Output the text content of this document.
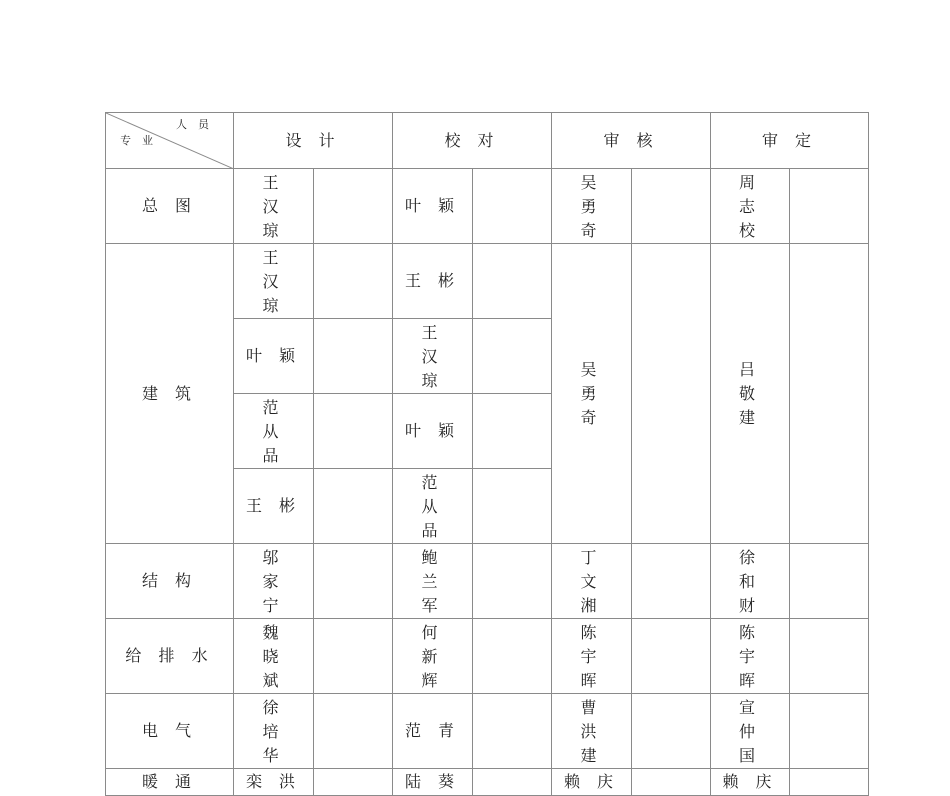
人　员
专　业	设 计		校 对		审 核		审 定	
总 图	王 汉 琼		叶 颖		吴 勇 奇		周 志 校	

建 筑	王 汉 琼		王 彬		吴 勇 奇		吕 敬 建	

	叶 颖		王 汉 琼					

	范 从 品		叶 颖					
	王 彬		范 从 品					

结 构	邬 家 宁		鲍 兰 军		丁 文 湘		徐 和 财	

给 排 水	魏 晓 斌		何 新 辉		陈 宇 晖		陈 宇 晖	

电 气	徐 培 华		范 青		曹 洪 建		宣 仲 国	

暖 通	栾 洪		陆 葵		赖 庆		赖 庆	
